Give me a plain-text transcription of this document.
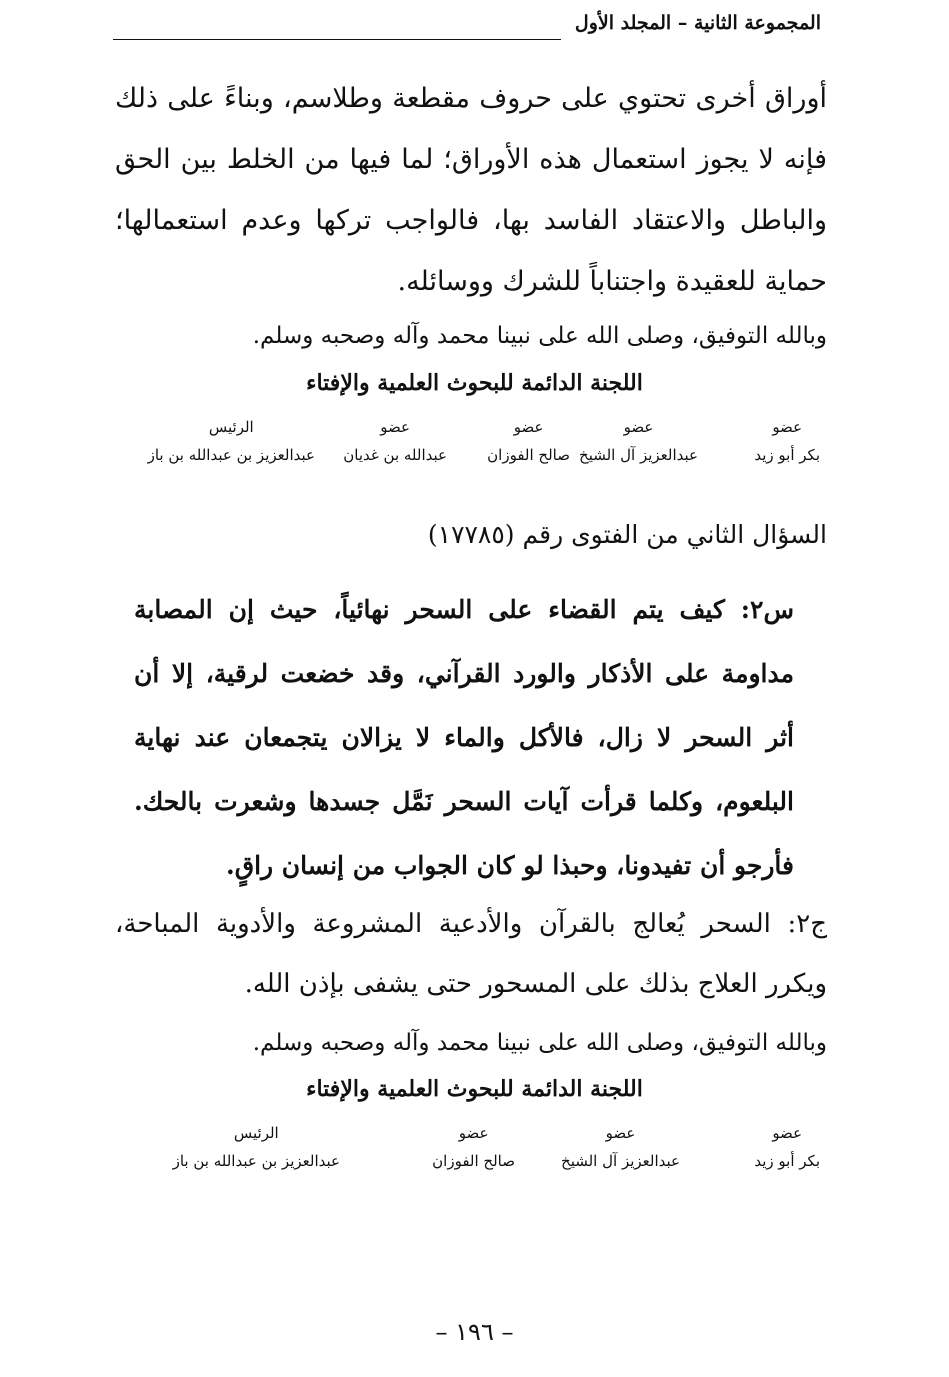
المجموعة الثانية – المجلد الأول
أوراق أخرى تحتوي على حروف مقطعة وطلاسم، وبناءً على ذلك فإنه لا يجوز استعمال هذه الأوراق؛ لما فيها من الخلط بين الحق والباطل والاعتقاد الفاسد بها، فالواجب تركها وعدم استعمالها؛ حماية للعقيدة واجتناباً للشرك ووسائله.
وبالله التوفيق، وصلى الله على نبينا محمد وآله وصحبه وسلم.
اللجنة الدائمة للبحوث العلمية والإفتاء
عضو
بكر أبو زيد
عضو
عبدالعزيز آل الشيخ
عضو
صالح الفوزان
عضو
عبدالله بن غديان
الرئيس
عبدالعزيز بن عبدالله بن باز
السؤال الثاني من الفتوى رقم (١٧٧٨٥)
س٢: كيف يتم القضاء على السحر نهائياً، حيث إن المصابة مداومة على الأذكار والورد القرآني، وقد خضعت لرقية، إلا أن أثر السحر لا زال، فالأكل والماء لا يزالان يتجمعان عند نهاية البلعوم، وكلما قرأت آيات السحر نَمَّل جسدها وشعرت بالحك. فأرجو أن تفيدونا، وحبذا لو كان الجواب من إنسان راقٍ.
ج٢: السحر يُعالج بالقرآن والأدعية المشروعة والأدوية المباحة، ويكرر العلاج بذلك على المسحور حتى يشفى بإذن الله.
وبالله التوفيق، وصلى الله على نبينا محمد وآله وصحبه وسلم.
اللجنة الدائمة للبحوث العلمية والإفتاء
عضو
بكر أبو زيد
عضو
عبدالعزيز آل الشيخ
عضو
صالح الفوزان
الرئيس
عبدالعزيز بن عبدالله بن باز
– ١٩٦ –
